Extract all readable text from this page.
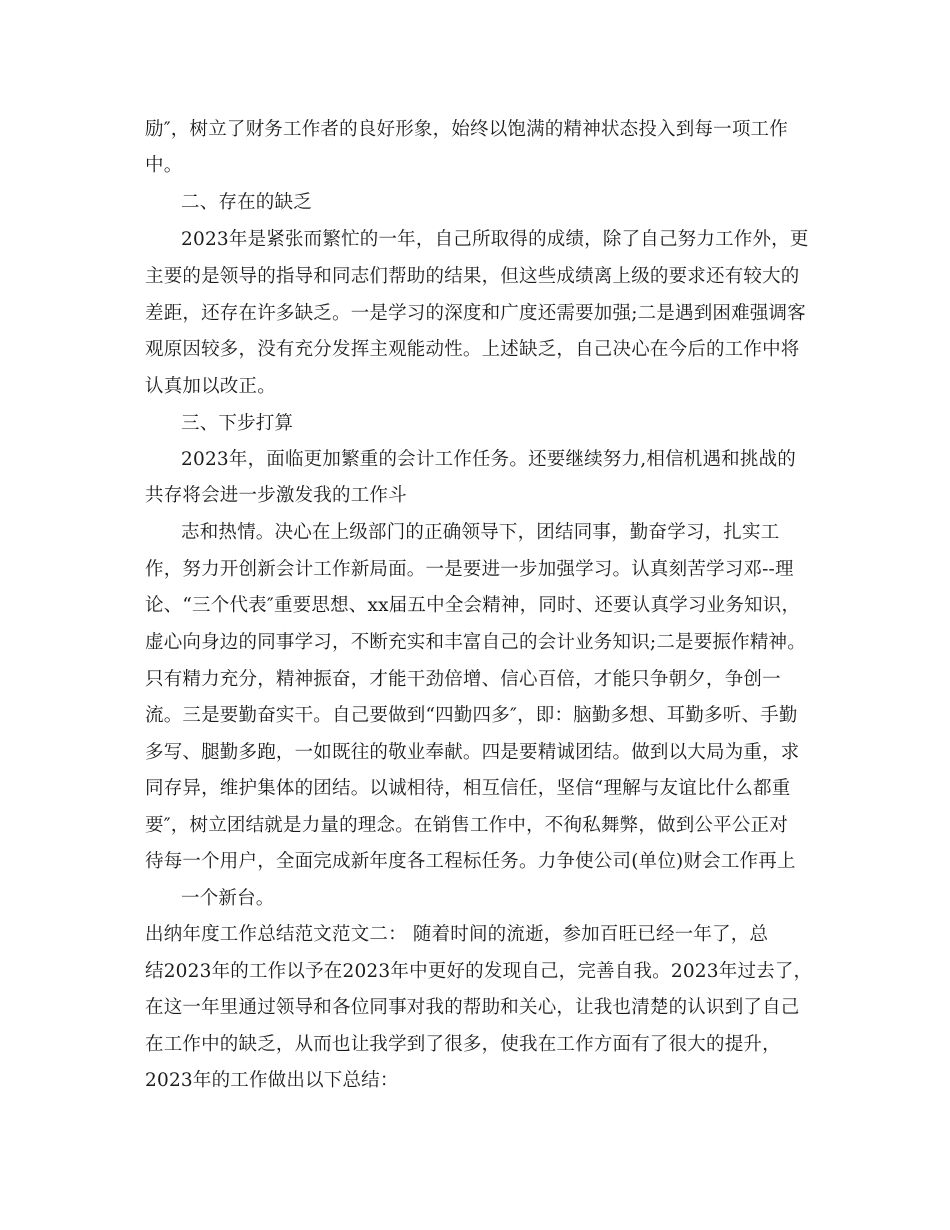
励″，树立了财务工作者的良好形象，始终以饱满的精神状态投入到每一项工作
中。
二、存在的缺乏
2023年是紧张而繁忙的一年，自己所取得的成绩，除了自己努力工作外，更
主要的是领导的指导和同志们帮助的结果，但这些成绩离上级的要求还有较大的
差距，还存在许多缺乏。一是学习的深度和广度还需要加强;二是遇到困难强调客
观原因较多，没有充分发挥主观能动性。上述缺乏，自己决心在今后的工作中将
认真加以改正。
三、下步打算
2023年，面临更加繁重的会计工作任务。还要继续努力,相信机遇和挑战的
共存将会进一步激发我的工作斗
志和热情。决心在上级部门的正确领导下，团结同事，勤奋学习，扎实工
作，努力开创新会计工作新局面。一是要进一步加强学习。认真刻苦学习邓--理
论、“三个代表″重要思想、xx届五中全会精神，同时、还要认真学习业务知识，
虚心向身边的同事学习，不断充实和丰富自己的会计业务知识;二是要振作精神。
只有精力充分，精神振奋，才能干劲倍增、信心百倍，才能只争朝夕，争创一
流。三是要勤奋实干。自己要做到“四勤四多″，即：脑勤多想、耳勤多听、手勤
多写、腿勤多跑，一如既往的敬业奉献。四是要精诚团结。做到以大局为重，求
同存异，维护集体的团结。以诚相待，相互信任，坚信“理解与友谊比什么都重
要″，树立团结就是力量的理念。在销售工作中，不徇私舞弊，做到公平公正对
待每一个用户，全面完成新年度各工程标任务。力争使公司(单位)财会工作再上
一个新台。
出纳年度工作总结范文范文二： 随着时间的流逝，参加百旺已经一年了，总
结2023年的工作以予在2023年中更好的发现自己，完善自我。2023年过去了，
在这一年里通过领导和各位同事对我的帮助和关心，让我也清楚的认识到了自己
在工作中的缺乏，从而也让我学到了很多，使我在工作方面有了很大的提升，
2023年的工作做出以下总结：
